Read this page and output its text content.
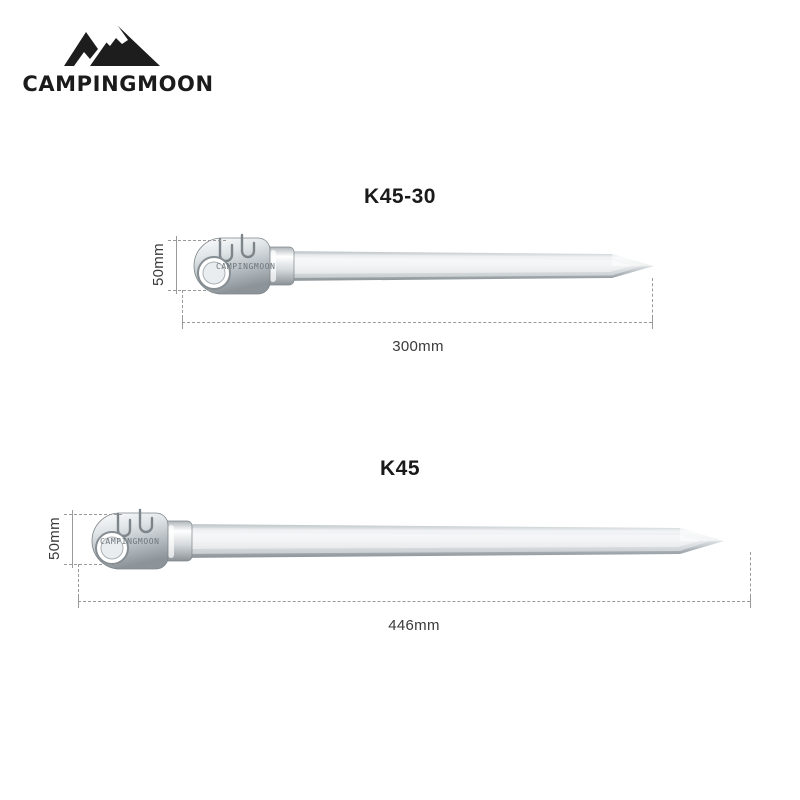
CAMPINGMOON
K45-30
CAMPINGMOON
50mm
300mm
K45
CAMPINGMOON
50mm
446mm
